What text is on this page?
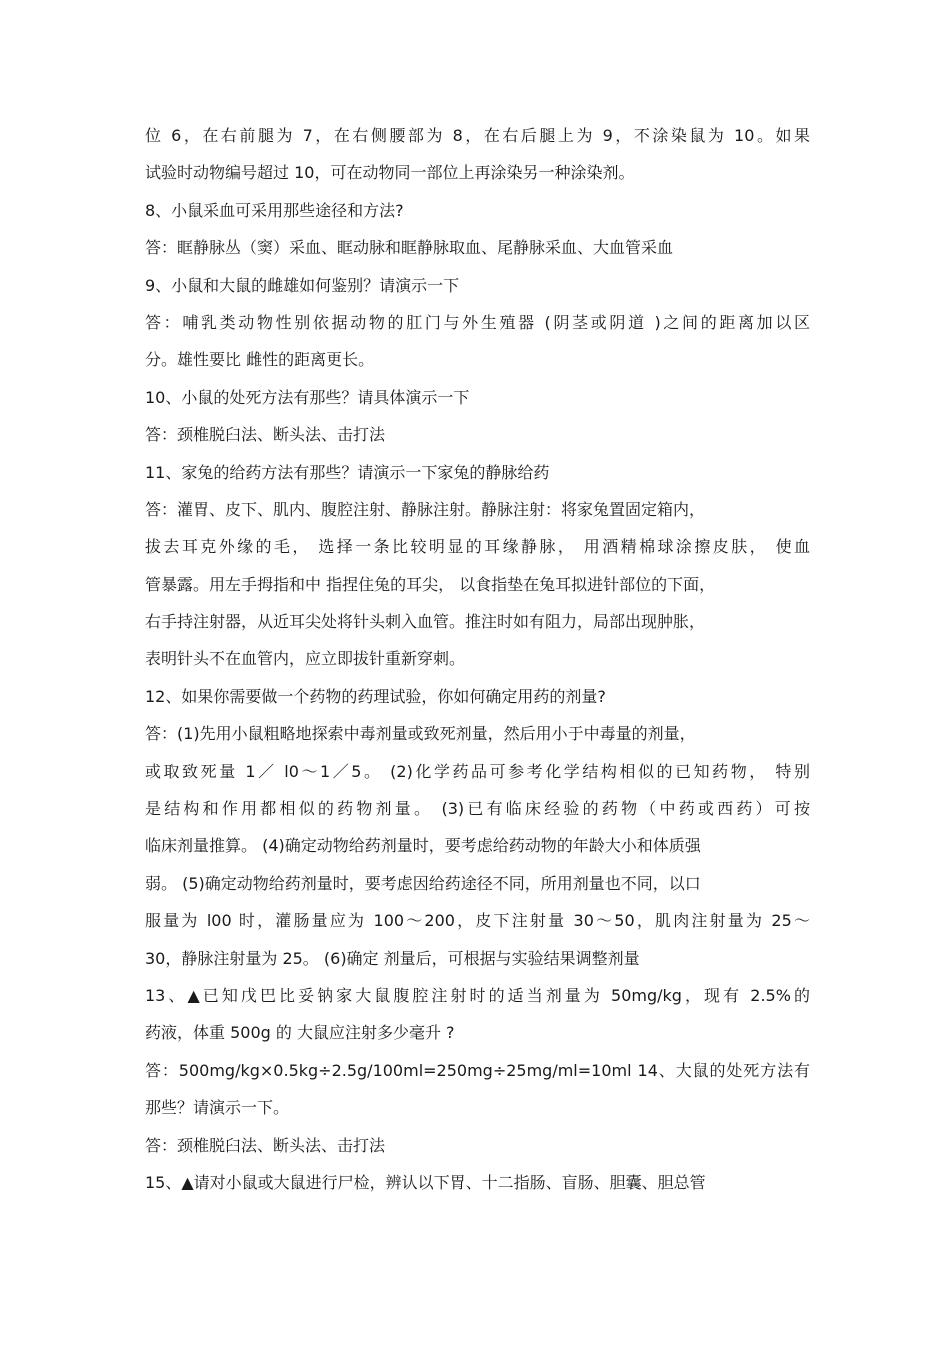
位 6，在右前腿为 7，在右侧腰部为 8，在右后腿上为 9，不涂染鼠为 10。如果
试验时动物编号超过 10，可在动物同一部位上再涂染另一种涂染剂。
8、小鼠采血可采用那些途径和方法?
答：眶静脉丛（窦）采血、眶动脉和眶静脉取血、尾静脉采血、大血管采血
9、小鼠和大鼠的雌雄如何鉴别？请演示一下
答：哺乳类动物性别依据动物的肛门与外生殖器 (阴茎或阴道 )之间的距离加以区
分。雄性要比 雌性的距离更长。
10、小鼠的处死方法有那些？请具体演示一下
答：颈椎脱臼法、断头法、击打法
11、家兔的给药方法有那些？请演示一下家兔的静脉给药
答：灌胃、皮下、肌内、腹腔注射、静脉注射。静脉注射：将家兔置固定箱内，
拔去耳克外缘的毛， 选择一条比较明显的耳缘静脉， 用酒精棉球涂擦皮肤， 使血
管暴露。用左手拇指和中 指捏住兔的耳尖， 以食指垫在兔耳拟进针部位的下面，
右手持注射器，从近耳尖处将针头刺入血管。推注时如有阻力，局部出现肿胀，
表明针头不在血管内，应立即拔针重新穿刺。
12、如果你需要做一个药物的药理试验，你如何确定用药的剂量?
答：(1)先用小鼠粗略地探索中毒剂量或致死剂量，然后用小于中毒量的剂量，
或取致死量 1／ l0～1／5。 (2)化学药品可参考化学结构相似的已知药物， 特别
是结构和作用都相似的药物剂量。 (3)已有临床经验的药物（中药或西药）可按
临床剂量推算。 (4)确定动物给药剂量时，要考虑给药动物的年龄大小和体质强
弱。 (5)确定动物给药剂量时，要考虑因给药途径不同，所用剂量也不同，以口
服量为 l00 时，灌肠量应为 100～200，皮下注射量 30～50，肌肉注射量为 25～
30，静脉注射量为 25。 (6)确定 剂量后，可根据与实验结果调整剂量
13、▲已知戊巴比妥钠家大鼠腹腔注射时的适当剂量为 50mg/kg，现有 2.5%的
药液，体重 500g 的 大鼠应注射多少毫升 ?
答：500mg/kg×0.5kg÷2.5g/100ml=250mg÷25mg/ml=10ml 14、大鼠的处死方法有
那些？请演示一下。
答：颈椎脱臼法、断头法、击打法
15、▲请对小鼠或大鼠进行尸检，辨认以下胃、十二指肠、盲肠、胆囊、胆总管
